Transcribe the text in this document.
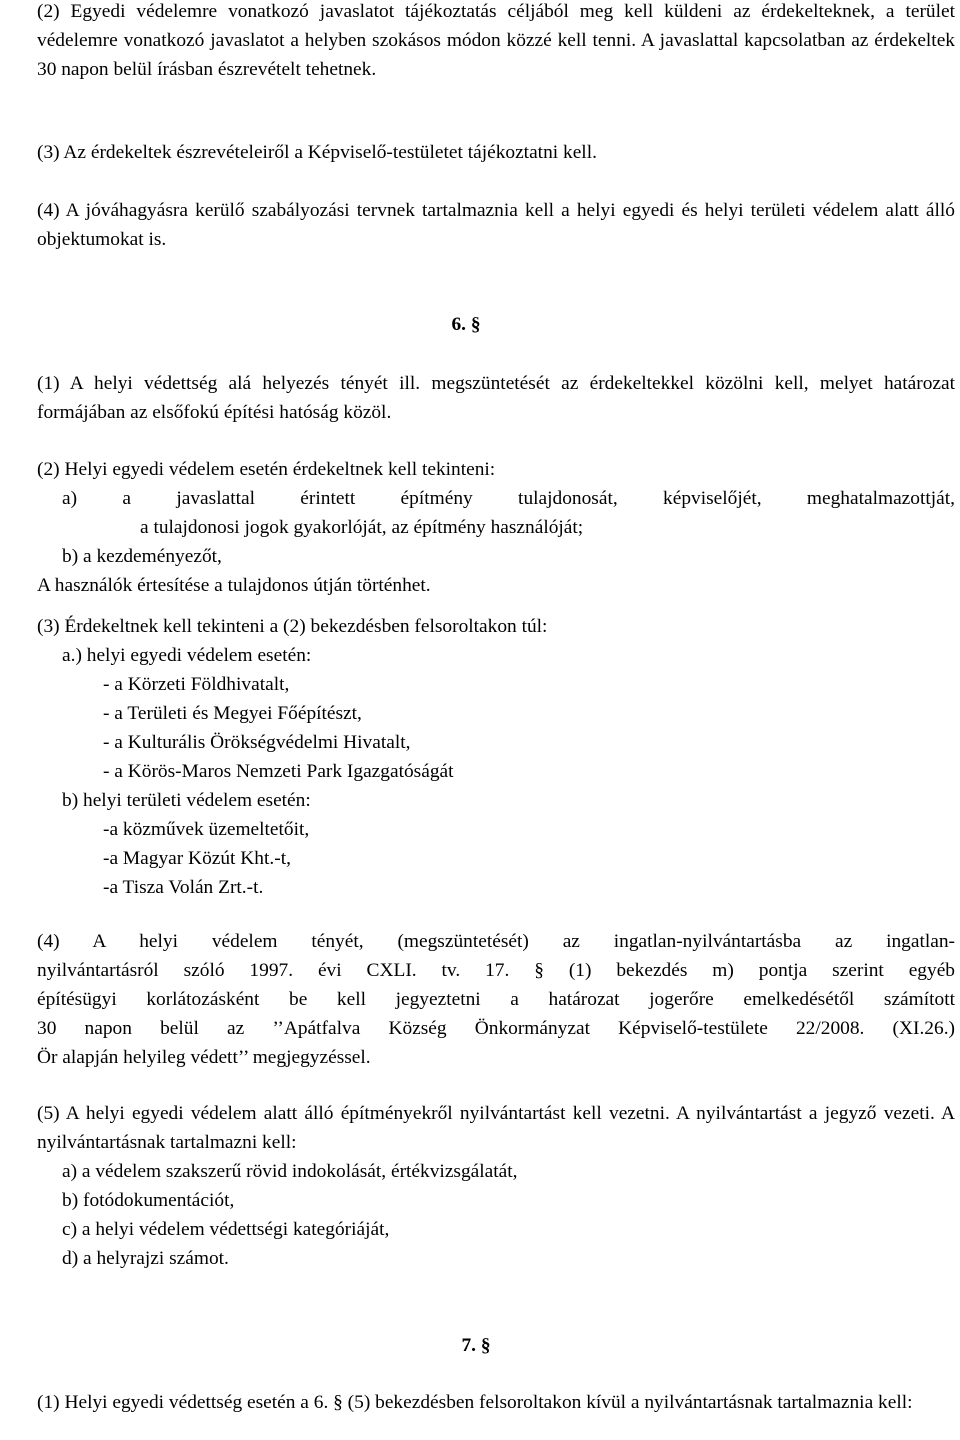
(2) Egyedi védelemre vonatkozó javaslatot tájékoztatás céljából meg kell küldeni az érdekelteknek, a terület védelemre vonatkozó javaslatot a helyben szokásos módon közzé kell tenni. A javaslattal kapcsolatban az érdekeltek 30 napon belül írásban észrevételt tehetnek.

(3) Az érdekeltek észrevételeiről a Képviselő-testületet tájékoztatni kell.

(4) A jóváhagyásra kerülő szabályozási tervnek tartalmaznia kell a helyi egyedi és helyi területi védelem alatt álló objektumokat is.

6. §

(1) A helyi védettség alá helyezés tényét ill. megszüntetését az érdekeltekkel közölni kell, melyet határozat formájában az elsőfokú építési hatóság közöl.

(2) Helyi egyedi védelem esetén érdekeltnek kell tekinteni:
a) a javaslattal érintett építmény tulajdonosát, képviselőjét, meghatalmazottját,
a tulajdonosi jogok gyakorlóját, az építmény használóját;
b) a kezdeményezőt,
A használók értesítése a tulajdonos útján történhet.
(3) Érdekeltnek kell tekinteni a (2) bekezdésben felsoroltakon túl:
a.) helyi egyedi védelem esetén:
- a Körzeti Földhivatalt,
- a Területi és Megyei Főépítészt,
- a Kulturális Örökségvédelmi Hivatalt,
- a Körös-Maros Nemzeti Park Igazgatóságát
b) helyi területi védelem esetén:
-a közművek üzemeltetőit,
-a Magyar Közút Kht.-t,
-a Tisza Volán Zrt.-t.
(4) A helyi védelem tényét, (megszüntetését) az ingatlan-nyilvántartásba az ingatlan-
nyilvántartásról szóló 1997. évi CXLI. tv. 17. § (1) bekezdés m) pontja szerint egyéb
építésügyi korlátozásként be kell jegyeztetni a határozat jogerőre emelkedésétől számított
30 napon belül az ’’Apátfalva Község Önkormányzat Képviselő-testülete 22/2008. (XI.26.)
Ör alapján helyileg védett’’ megjegyzéssel.

(5) A helyi egyedi védelem alatt álló építményekről nyilvántartást kell vezetni. A nyilvántartást a jegyző vezeti. A nyilvántartásnak tartalmazni kell:

a) a védelem szakszerű rövid indokolását, értékvizsgálatát,
b) fotódokumentációt,
c) a helyi védelem védettségi kategóriáját,
d) a helyrajzi számot.
7. §

(1) Helyi egyedi védettség esetén a 6. § (5) bekezdésben felsoroltakon kívül a nyilvántartásnak tartalmaznia kell:
